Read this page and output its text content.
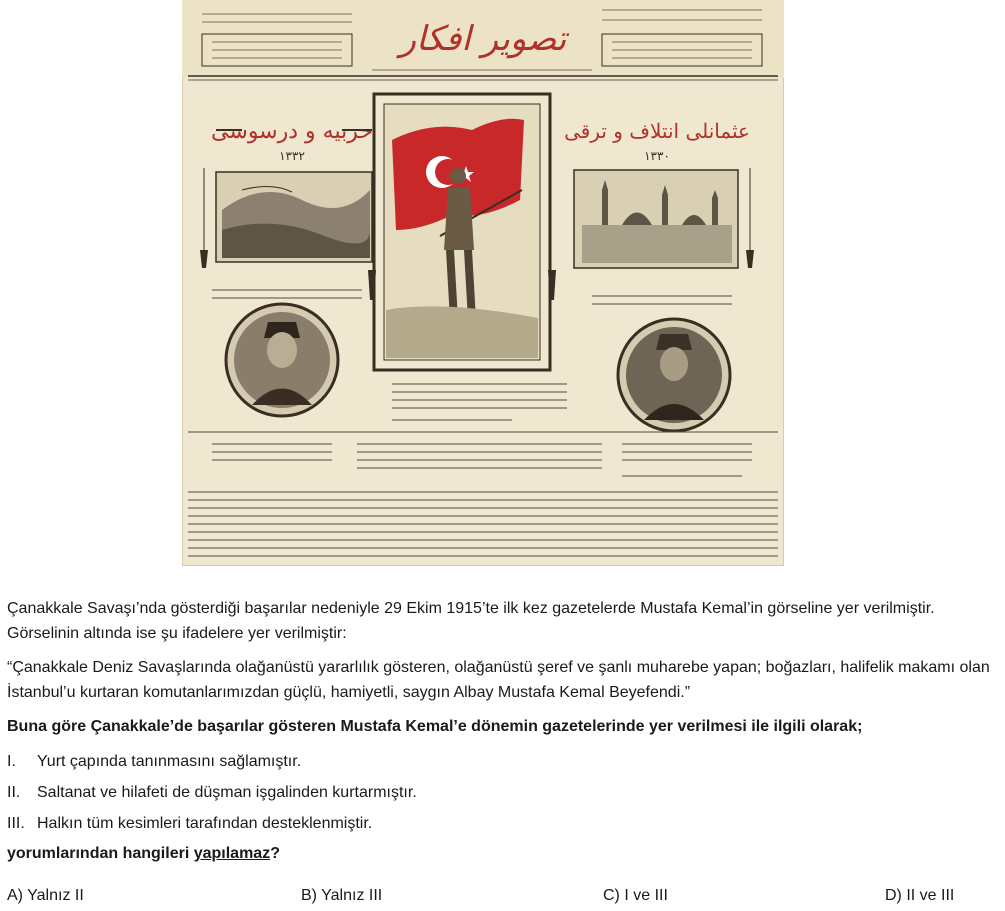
تصوير افكار
حربيه و درسوسى
١٣٣٢
عثمانلى انتلاف و ترقى
١٣٣٠

Çanakkale Savaşı’nda gösterdiği başarılar nedeniyle 29 Ekim 1915’te ilk kez gazetelerde Mustafa Kemal’in görseline yer verilmiştir. Görselinin altında ise şu ifadelere yer verilmiştir:

“Çanakkale Deniz Savaşlarında olağanüstü yararlılık gösteren, olağanüstü şeref ve şanlı muharebe yapan; boğazları, halifelik makamı olan İstanbul’u kurtaran komutanlarımızdan güçlü, hamiyetli, saygın Albay Mustafa Kemal Beyefendi.”

Buna göre Çanakkale’de başarılar gösteren Mustafa Kemal’e dönemin gazetelerinde yer verilmesi ile ilgili olarak;

I.	Yurt çapında tanınmasını sağlamıştır.
II.	Saltanat ve hilafeti de düşman işgalinden kurtarmıştır.
III. Halkın tüm kesimleri tarafından desteklenmiştir.

yorumlarından hangileri yapılamaz?

A) Yalnız II	B) Yalnız III	C) I ve III	D) II ve III
